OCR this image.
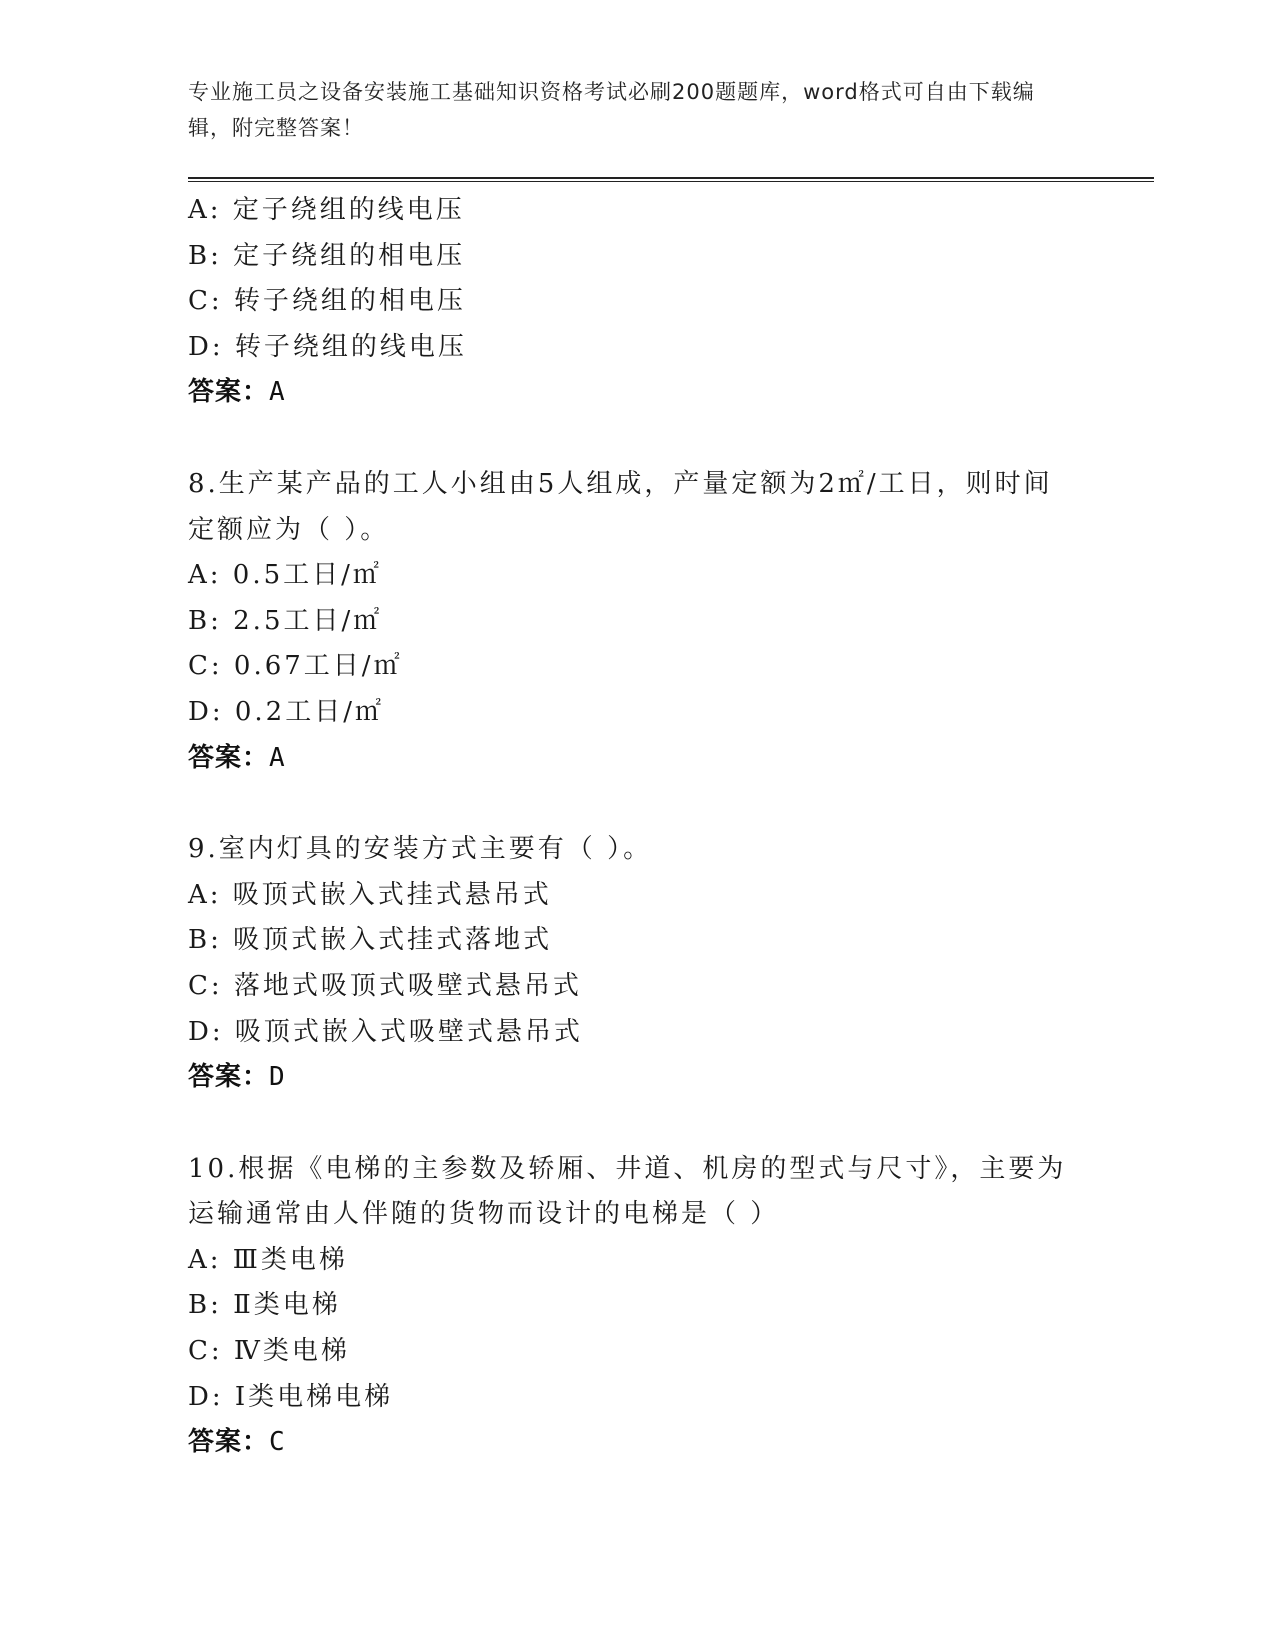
专业施工员之设备安装施工基础知识资格考试必刷200题题库，word格式可自由下载编辑，附完整答案！
A: 定子绕组的线电压
B: 定子绕组的相电压
C: 转子绕组的相电压
D: 转子绕组的线电压
答案：A
8.生产某产品的工人小组由5人组成，产量定额为2㎡/工日，则时间定额应为（ ）。
A: 0.5工日/㎡
B: 2.5工日/㎡
C: 0.67工日/㎡
D: 0.2工日/㎡
答案：A
9.室内灯具的安装方式主要有（ ）。
A: 吸顶式嵌入式挂式悬吊式
B: 吸顶式嵌入式挂式落地式
C: 落地式吸顶式吸壁式悬吊式
D: 吸顶式嵌入式吸壁式悬吊式
答案：D
10.根据《电梯的主参数及轿厢、井道、机房的型式与尺寸》，主要为运输通常由人伴随的货物而设计的电梯是（ ）
A: Ⅲ类电梯
B: Ⅱ类电梯
C: Ⅳ类电梯
D: Ⅰ类电梯电梯
答案：C
